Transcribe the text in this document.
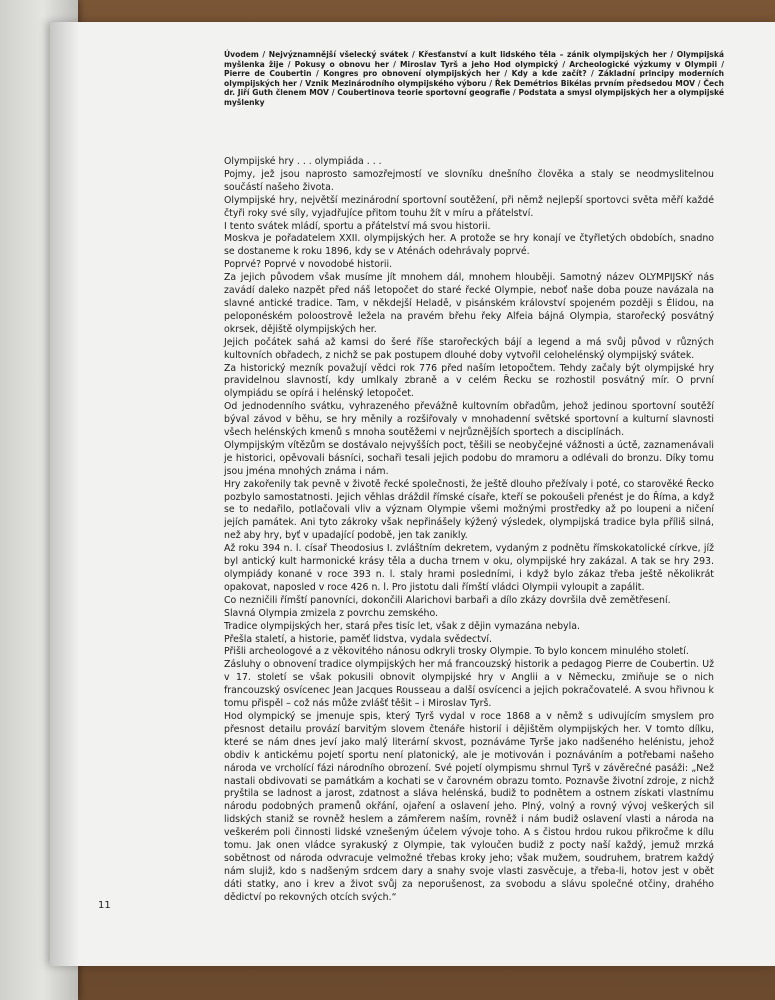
Úvodem / Nejvýznamnější všelecký svátek / Křesťanství a kult lidského těla – zánik olympijských her / Olympijská myšlenka žije / Pokusy o obnovu her / Miroslav Tyrš a jeho Hod olympický / Archeologické výzkumy v Olympii / Pierre de Coubertin / Kongres pro obnovení olympijských her / Kdy a kde začít? / Základní principy moderních olympijských her / Vznik Mezinárodního olympijského výboru / Řek Demétrios Bikélas prvním předsedou MOV / Čech dr. Jiří Guth členem MOV / Coubertinova teorie sportovní geografie / Podstata a smysl olympijských her a olympijské myšlenky

Olympijské hry . . . olympiáda . . .

Pojmy, jež jsou naprosto samozřejmostí ve slovníku dnešního člověka a staly se neodmyslitelnou součástí našeho života.

Olympijské hry, největší mezinárodní sportovní soutěžení, při němž nejlepší sportovci světa měří každé čtyři roky své síly, vyjadřujíce přitom touhu žít v míru a přátelství.

I tento svátek mládí, sportu a přátelství má svou historii.

Moskva je pořadatelem XXII. olympijských her. A protože se hry konají ve čtyřletých obdobích, snadno se dostaneme k roku 1896, kdy se v Aténách odehrávaly poprvé.

Poprvé? Poprvé v novodobé historii.

Za jejich původem však musíme jít mnohem dál, mnohem hlouběji. Samotný název OLYMPIJSKÝ nás zavádí daleko nazpět před náš letopočet do staré řecké Olympie, neboť naše doba pouze navázala na slavné antické tradice. Tam, v někdejší Heladě, v pisánském království spojeném později s Élidou, na peloponéském poloostrově ležela na pravém břehu řeky Alfeia bájná Olympia, starořecký posvátný okrsek, dějiště olympijských her.

Jejich počátek sahá až kamsi do šeré říše starořeckých bájí a legend a má svůj původ v různých kultovních obřadech, z nichž se pak postupem dlouhé doby vytvořil celohelénský olympijský svátek.

Za historický mezník považují vědci rok 776 před naším letopočtem. Tehdy začaly být olympijské hry pravidelnou slavností, kdy umlkaly zbraně a v celém Řecku se rozhostil posvátný mír. O první olympiádu se opírá i helénský letopočet.

Od jednodenního svátku, vyhrazeného převážně kultovním obřadům, jehož jedinou sportovní soutěží býval závod v běhu, se hry měnily a rozšiřovaly v mnohadenní světské sportovní a kulturní slavnosti všech helénských kmenů s mnoha soutěžemi v nejrůznějších sportech a disciplínách.

Olympijským vítězům se dostávalo nejvyšších poct, těšili se neobyčejné vážnosti a úctě, zaznamenávali je historici, opěvovali básníci, sochaři tesali jejich podobu do mramoru a odlévali do bronzu. Díky tomu jsou jména mnohých známa i nám.

Hry zakořenily tak pevně v životě řecké společnosti, že ještě dlouho přežívaly i poté, co starověké Řecko pozbylo samostatnosti. Jejich věhlas dráždil římské císaře, kteří se pokoušeli přenést je do Říma, a když se to nedařilo, potlačovali vliv a význam Olympie všemi možnými prostředky až po loupeni a ničení jejích památek. Ani tyto zákroky však nepřinášely kýžený výsledek, olympijská tradice byla příliš silná, než aby hry, byť v upadající podobě, jen tak zanikly.

Až roku 394 n. l. císař Theodosius I. zvláštním dekretem, vydaným z podnětu římskokatolické církve, jíž byl antický kult harmonické krásy těla a ducha trnem v oku, olympijské hry zakázal. A tak se hry 293. olympiády konané v roce 393 n. l. staly hrami posledními, i když bylo zákaz třeba ještě několikrát opakovat, naposled v roce 426 n. l. Pro jistotu dali římští vládci Olympii vyloupit a zapálit.

Co nezničili římští panovníci, dokončili Alarichovi barbaři a dílo zkázy dovršila dvě zemětřesení.

Slavná Olympia zmizela z povrchu zemského.

Tradice olympijských her, stará přes tisíc let, však z dějin vymazána nebyla.

Přešla staletí, a historie, paměť lidstva, vydala svědectví.

Přišli archeologové a z věkovitého nánosu odkryli trosky Olympie. To bylo koncem minulého století.

Zásluhy o obnovení tradice olympijských her má francouzský historik a pedagog Pierre de Coubertin. Už v 17. století se však pokusili obnovit olympijské hry v Anglii a v Německu, zmiňuje se o nich francouzský osvícenec Jean Jacques Rousseau a další osvícenci a jejich pokračovatelé. A svou hřivnou k tomu přispěl – což nás může zvlášť těšit – i Miroslav Tyrš.

Hod olympický se jmenuje spis, který Tyrš vydal v roce 1868 a v němž s udivujícím smyslem pro přesnost detailu provází barvitým slovem čtenáře historií i dějištěm olympijských her. V tomto dílku, které se nám dnes jeví jako malý literární skvost, poznáváme Tyrše jako nadšeného helénistu, jehož obdiv k antickému pojetí sportu není platonický, ale je motivován i poznáváním a potřebami našeho národa ve vrcholící fázi národního obrození. Své pojetí olympismu shrnul Tyrš v závěrečné pasáži: „Než nastali obdivovati se památkám a kochati se v čarovném obrazu tomto. Poznavše životní zdroje, z nichž pryštila se ladnost a jarost, zdatnost a sláva helénská, budiž to podnětem a ostnem získati vlastnímu národu podobných pramenů okřání, ojaření a oslavení jeho. Plný, volný a rovný vývoj veškerých sil lidských staniž se rovněž heslem a zámřerem naším, rovněž i nám budiž oslavení vlasti a národa na veškerém poli činnosti lidské vznešeným účelem vývoje toho. A s čistou hrdou rukou přikročme k dílu tomu. Jak onen vládce syrakuský z Olympie, tak vyloučen budiž z pocty naší každý, jemuž mrzká sobětnost od národa odvracuje velmožné třebas kroky jeho; však mužem, soudruhem, bratrem každý nám slujiž, kdo s nadšeným srdcem dary a snahy svoje vlasti zasvěcuje, a třeba-li, hotov jest v obět dáti statky, ano i krev a život svůj za neporušenost, za svobodu a slávu společné otčiny, drahého dědictví po rekovných otcích svých.“

11
